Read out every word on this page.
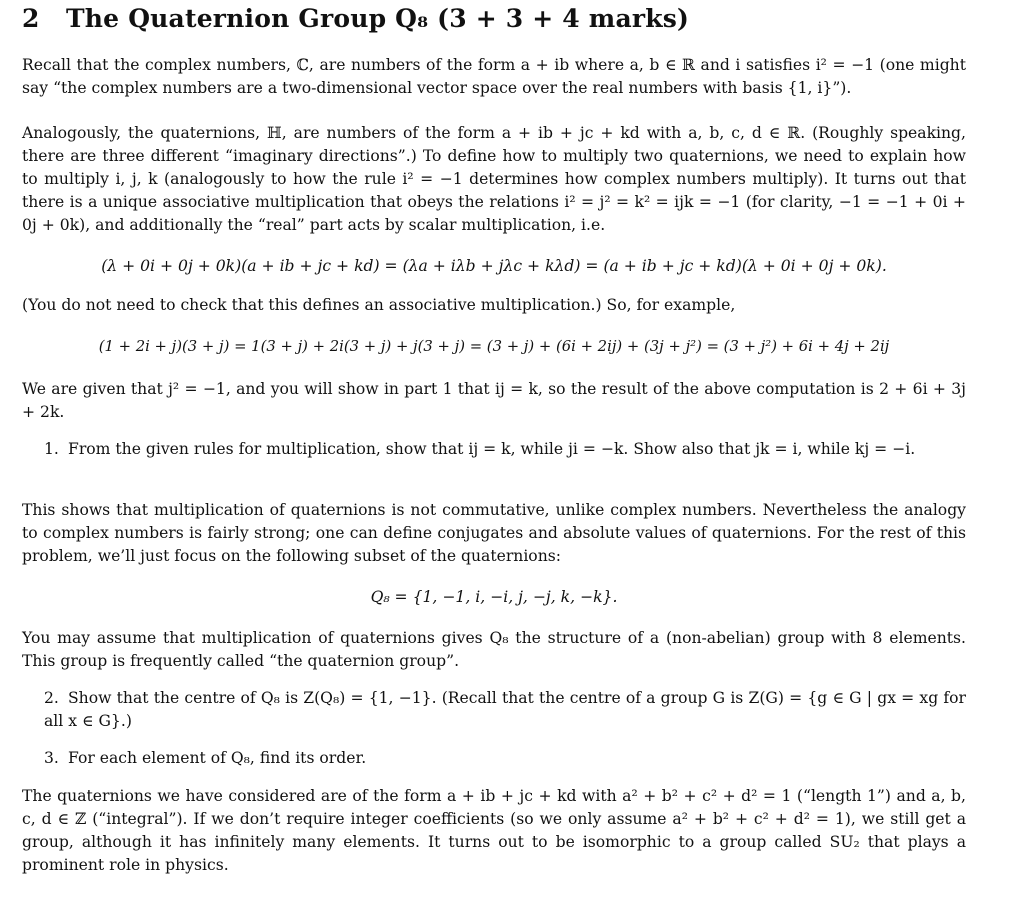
2 The Quaternion Group Q₈ (3 + 3 + 4 marks)
Recall that the complex numbers, ℂ, are numbers of the form a + ib where a, b ∈ ℝ and i satisfies i² = −1 (one might say “the complex numbers are a two-dimensional vector space over the real numbers with basis {1, i}”).
Analogously, the quaternions, ℍ, are numbers of the form a + ib + jc + kd with a, b, c, d ∈ ℝ. (Roughly speaking, there are three different “imaginary directions”.) To define how to multiply two quaternions, we need to explain how to multiply i, j, k (analogously to how the rule i² = −1 determines how complex numbers multiply). It turns out that there is a unique associative multiplication that obeys the relations i² = j² = k² = ijk = −1 (for clarity, −1 = −1 + 0i + 0j + 0k), and additionally the “real” part acts by scalar multiplication, i.e.
(λ + 0i + 0j + 0k)(a + ib + jc + kd) = (λa + iλb + jλc + kλd) = (a + ib + jc + kd)(λ + 0i + 0j + 0k).
(You do not need to check that this defines an associative multiplication.) So, for example,
(1 + 2i + j)(3 + j) = 1(3 + j) + 2i(3 + j) + j(3 + j) = (3 + j) + (6i + 2ij) + (3j + j²) = (3 + j²) + 6i + 4j + 2ij
We are given that j² = −1, and you will show in part 1 that ij = k, so the result of the above computation is 2 + 6i + 3j + 2k.
1. From the given rules for multiplication, show that ij = k, while ji = −k. Show also that jk = i, while kj = −i.
This shows that multiplication of quaternions is not commutative, unlike complex numbers. Nevertheless the analogy to complex numbers is fairly strong; one can define conjugates and absolute values of quaternions. For the rest of this problem, we’ll just focus on the following subset of the quaternions:
Q₈ = {1, −1, i, −i, j, −j, k, −k}.
You may assume that multiplication of quaternions gives Q₈ the structure of a (non-abelian) group with 8 elements. This group is frequently called “the quaternion group”.
2. Show that the centre of Q₈ is Z(Q₈) = {1, −1}. (Recall that the centre of a group G is Z(G) = {g ∈ G | gx = xg for all x ∈ G}.)
3. For each element of Q₈, find its order.
The quaternions we have considered are of the form a + ib + jc + kd with a² + b² + c² + d² = 1 (“length 1”) and a, b, c, d ∈ ℤ (“integral”). If we don’t require integer coefficients (so we only assume a² + b² + c² + d² = 1), we still get a group, although it has infinitely many elements. It turns out to be isomorphic to a group called SU₂ that plays a prominent role in physics.
